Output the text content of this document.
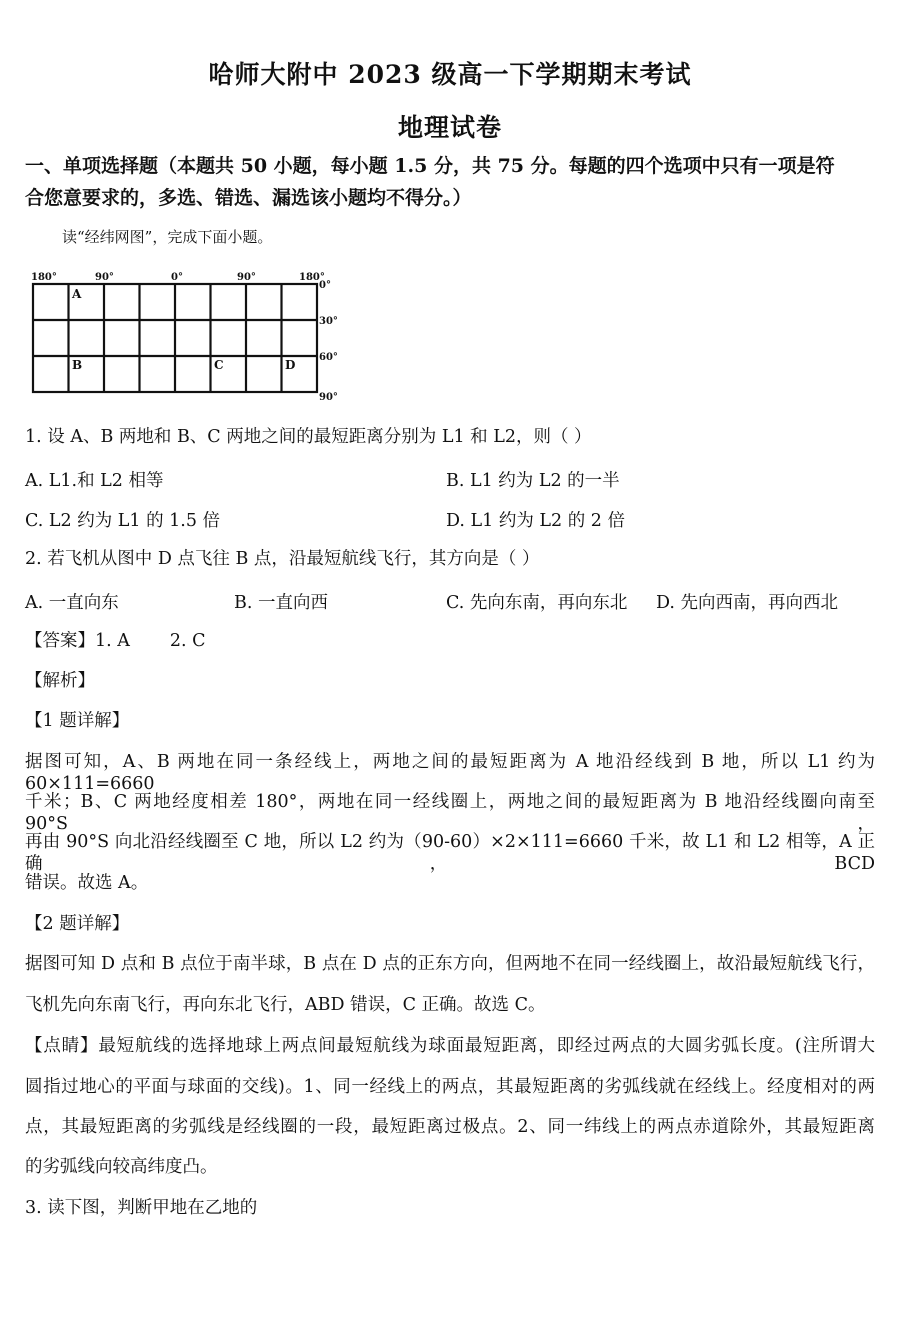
哈师大附中 2023 级高一下学期期末考试
地理试卷
一、单项选择题（本题共 50 小题，每小题 1.5 分，共 75 分。每题的四个选项中只有一项是符
合您意要求的，多选、错选、漏选该小题均不得分。）
读“经纬网图”，完成下面小题。
180°	90°	0°	90°	180°
0°
30°
60°
90°
A
B	C	D
1. 设 A、B 两地和 B、C 两地之间的最短距离分别为 L1 和 L2，则（ ）
A. L1.和 L2 相等	B. L1 约为 L2 的一半
C. L2 约为 L1 的 1.5 倍	D. L1 约为 L2 的 2 倍
2. 若飞机从图中 D 点飞往 B 点，沿最短航线飞行，其方向是（ ）
A. 一直向东	B. 一直向西	C. 先向东南，再向东北 D. 先向西南，再向西北
【答案】1. A 2. C
【解析】
【1 题详解】
据图可知，A、B 两地在同一条经线上，两地之间的最短距离为 A 地沿经线到 B 地，所以 L1 约为 60×111=6660
千米；B、C 两地经度相差 180°，两地在同一经线圈上，两地之间的最短距离为 B 地沿经线圈向南至 90°S，
再由 90°S 向北沿经线圈至 C 地，所以 L2 约为（90-60）×2×111=6660 千米，故 L1 和 L2 相等，A 正确，BCD
错误。故选 A。
【2 题详解】
据图可知 D 点和 B 点位于南半球，B 点在 D 点的正东方向，但两地不在同一经线圈上，故沿最短航线飞行，
飞机先向东南飞行，再向东北飞行，ABD 错误，C 正确。故选 C。
【点睛】最短航线的选择地球上两点间最短航线为球面最短距离，即经过两点的大圆劣弧长度。(注所谓大
圆指过地心的平面与球面的交线)。1、同一经线上的两点，其最短距离的劣弧线就在经线上。经度相对的两
点，其最短距离的劣弧线是经线圈的一段，最短距离过极点。2、同一纬线上的两点赤道除外，其最短距离
的劣弧线向较高纬度凸。
3. 读下图，判断甲地在乙地的
